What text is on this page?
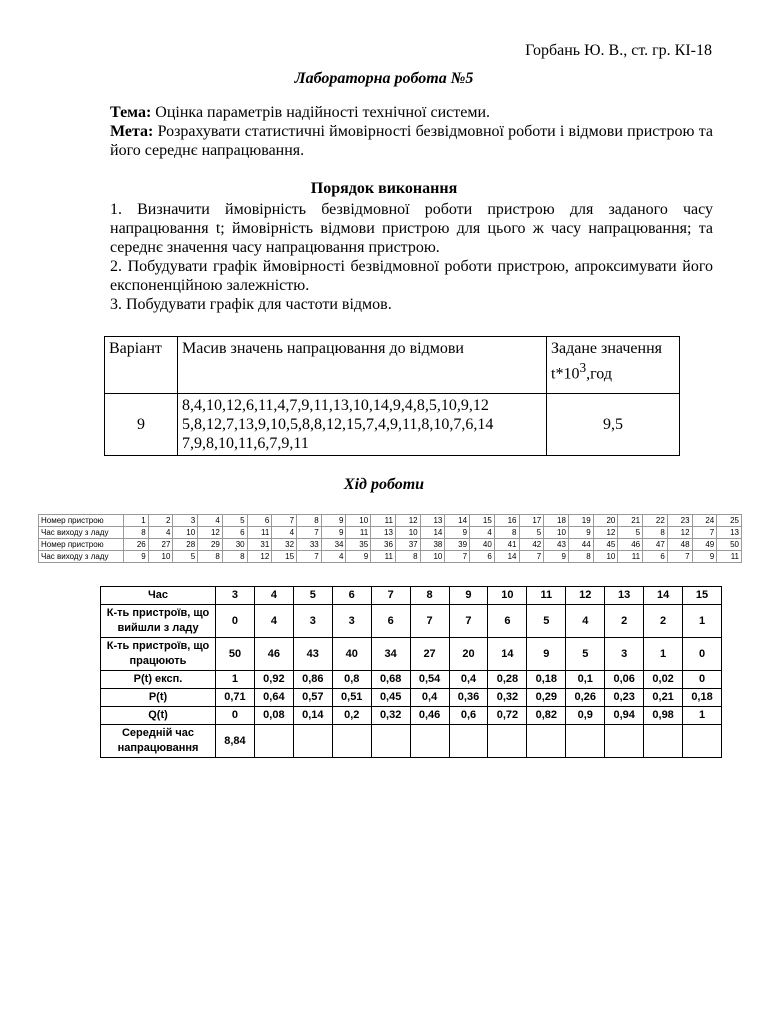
Горбань Ю. В., ст. гр. КІ-18
Лабораторна робота №5
Тема: Оцінка параметрів надійності технічної системи.
Мета: Розрахувати статистичні ймовірності безвідмовної роботи і відмови пристрою та його середнє напрацювання.
Порядок виконання
1. Визначити ймовірність безвідмовної роботи пристрою для заданого часу напрацювання t; ймовірність відмови пристрою для цього ж часу напрацювання; та середнє значення часу напрацювання пристрою.
2. Побудувати графік ймовірності безвідмовної роботи пристрою, апроксимувати його експоненційною залежністю.
3. Побудувати графік для частоти відмов.
Варіант	Масив значень напрацювання до відмови	Задане значення $t*10^3,год$
9	8,4,10,12,6,11,4,7,9,11,13,10,14,9,4,8,5,10,9,12 5,8,12,7,13,9,10,5,8,8,12,15,7,4,9,11,8,10,7,6,14 7,9,8,10,11,6,7,9,11	9,5
Хід роботи
Номер пристрою	1	2	3	4	5	6	7	8	9	10	11	12	13	14	15	16	17	18	19	20	21	22	23	24	25
Час виходу з ладу	8	4	10	12	6	11	4	7	9	11	13	10	14	9	4	8	5	10	9	12	5	8	12	7	13
Номер пристрою	26	27	28	29	30	31	32	33	34	35	36	37	38	39	40	41	42	43	44	45	46	47	48	49	50
Час виходу з ладу	9	10	5	8	8	12	15	7	4	9	11	8	10	7	6	14	7	9	8	10	11	6	7	9	11
Час	3	4	5	6	7	8	9	10	11	12	13	14	15
К-ть пристроїв, що вийшли з ладу	0	4	3	3	6	7	7	6	5	4	2	2	1
К-ть пристроїв, що працюють	50	46	43	40	34	27	20	14	9	5	3	1	0
P(t) експ.	1	0,92	0,86	0,8	0,68	0,54	0,4	0,28	0,18	0,1	0,06	0,02	0
P(t)	0,71	0,64	0,57	0,51	0,45	0,4	0,36	0,32	0,29	0,26	0,23	0,21	0,18
Q(t)	0	0,08	0,14	0,2	0,32	0,46	0,6	0,72	0,82	0,9	0,94	0,98	1
Середній час напрацювання	8,84												
